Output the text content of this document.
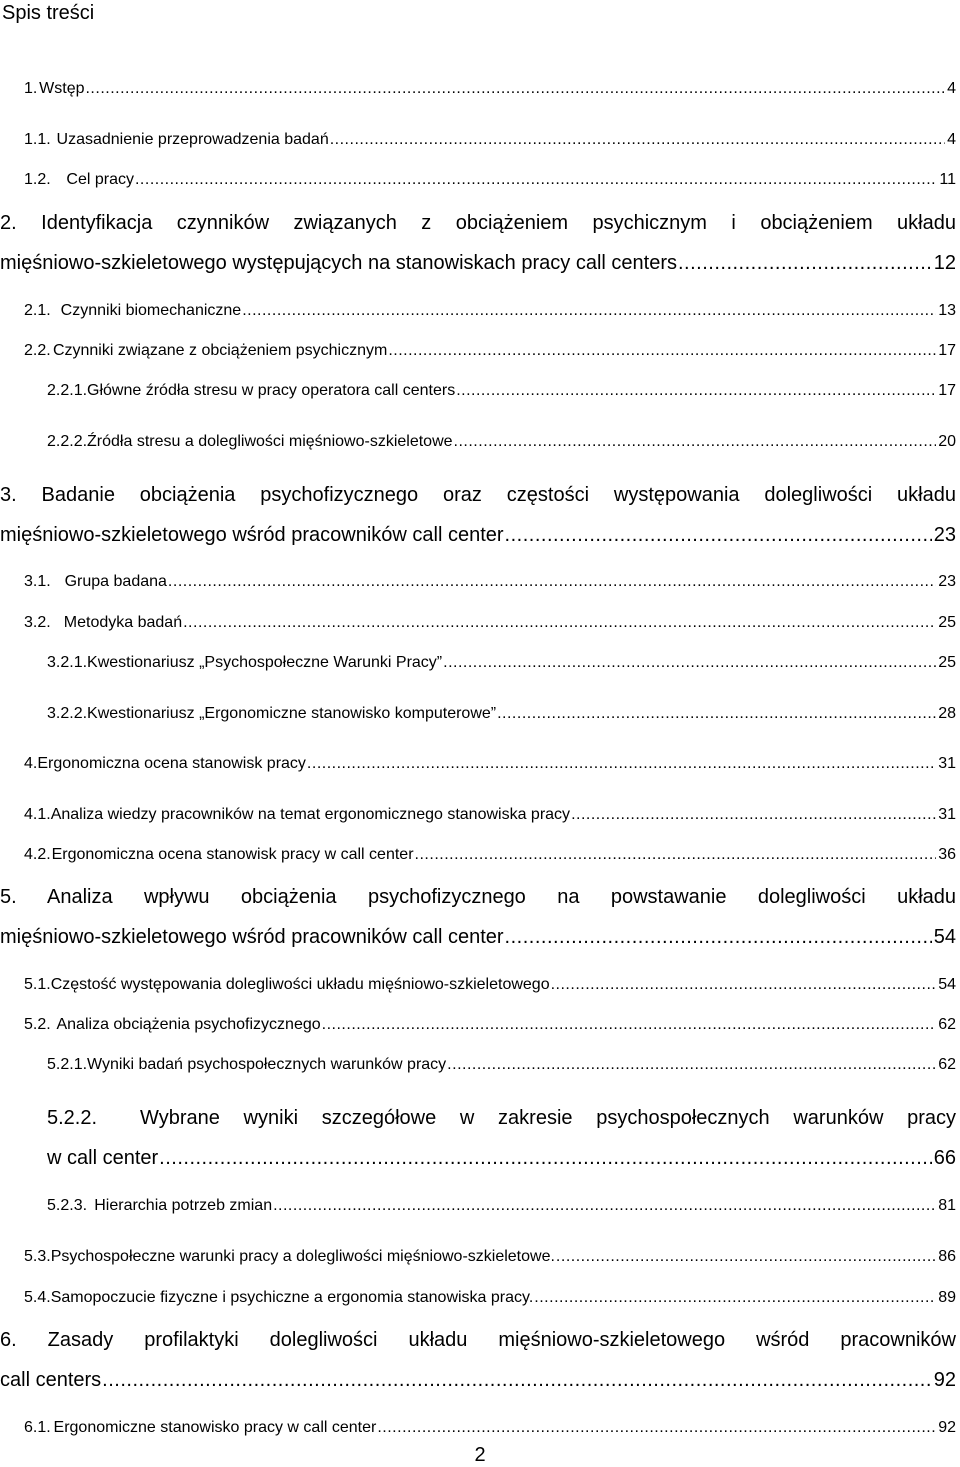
Spis treści
1. Wstęp .....	4
1.1. Uzasadnienie przeprowadzenia badań .....	4
1.2. Cel pracy .....	11
2. Identyfikacja czynników związanych z obciążeniem psychicznym i obciążeniem układu
mięśniowo-szkieletowego występujących na stanowiskach pracy call centers .....	12
2.1. Czynniki biomechaniczne .....	13
2.2. Czynniki związane z obciążeniem psychicznym .....	17
2.2.1. Główne źródła stresu w pracy operatora call centers .....	17
2.2.2. Źródła stresu a dolegliwości mięśniowo-szkieletowe .....	20
3. Badanie obciążenia psychofizycznego oraz częstości występowania dolegliwości układu
mięśniowo-szkieletowego wśród pracowników call center .....	23
3.1. Grupa badana .....	23
3.2. Metodyka badań .....	25
3.2.1. Kwestionariusz „Psychospołeczne Warunki Pracy” .....	25
3.2.2. Kwestionariusz „Ergonomiczne stanowisko komputerowe” .....	28
4. Ergonomiczna ocena stanowisk pracy .....	31
4.1. Analiza wiedzy pracowników na temat ergonomicznego stanowiska pracy .....	31
4.2. Ergonomiczna ocena stanowisk pracy w call center .....	36
5. Analiza wpływu obciążenia psychofizycznego na powstawanie dolegliwości układu
mięśniowo-szkieletowego wśród pracowników call center .....	54
5.1. Częstość występowania dolegliwości układu mięśniowo-szkieletowego .....	54
5.2. Analiza obciążenia psychofizycznego .....	62
5.2.1. Wyniki badań psychospołecznych warunków pracy .....	62
5.2.2. Wybrane wyniki szczegółowe w zakresie psychospołecznych warunków pracy
w call center .....	66
5.2.3. Hierarchia potrzeb zmian .....	81
5.3. Psychospołeczne warunki pracy a dolegliwości mięśniowo-szkieletowe. .....	86
5.4. Samopoczucie fizyczne i psychiczne a ergonomia stanowiska pracy. .....	89
6. Zasady profilaktyki dolegliwości układu mięśniowo-szkieletowego wśród pracowników
call centers .....	92
6.1. Ergonomiczne stanowisko pracy w call center .....	92
2
